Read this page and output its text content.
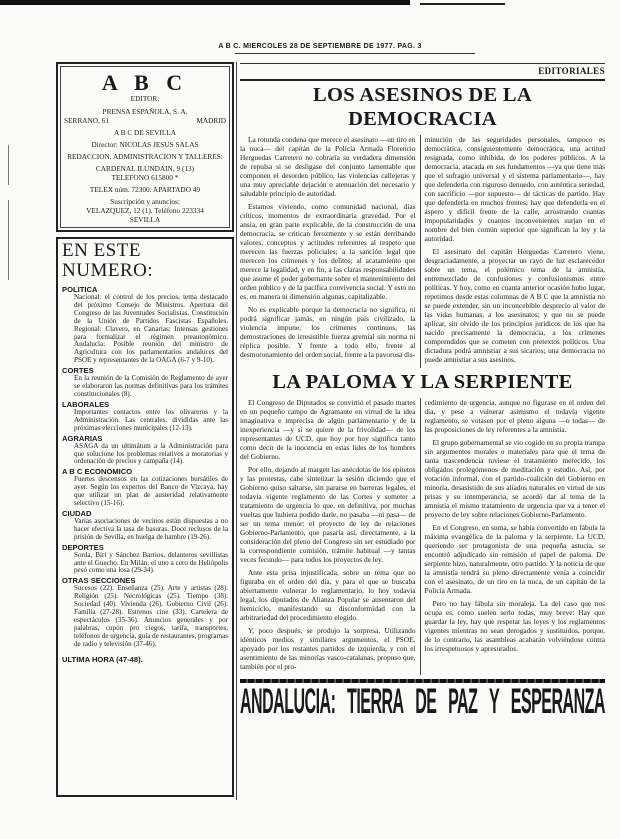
A B C. MIERCOLES 28 DE SEPTIEMBRE DE 1977. PAG. 3
A B C
EDITOR:
PRENSA ESPAÑOLA, S. A.
SERRANO, 61	MADRID
A B C DE SEVILLA
Director: NICOLAS JESUS SALAS
REDACCION, ADMINISTRACION Y TALLERES:
CARDENAL ILUNDAIN, 9 (13)
TELEFONO 615800 *
TELEX núm. 72300. APARTADO 49
Suscripción y anuncios:
VELAZQUEZ, 12 (1). Teléfono 223334
SEVILLA
EN ESTE NUMERO:
POLITICA
Nacional: el control de los precios, tema destacado del próximo Consejo de Ministros. Apertura del Congreso de las Juventudes Socialistas. Constitución de la Unión de Partidos Fascistas Españoles. Regional: Clavero, en Canarias: Intensas gestiones para formalizar el régimen preautonómico. Andalucía: Posible reunión del ministro de Agricultura con los parlamentarios andaluces del PSOE y representantes de la OAGA (6-7 y 9-10).
CORTES
En la reunión de la Comisión de Reglamento de ayer se elaboraron las normas definitivas para los trámites constitucionales (8).
LABORALES
Importantes contactos entre los olivareros y la Administración. Las centrales, divididas ante las próximas elecciones municipales (12-13).
AGRARIAS
ASAGA da un ultimátum a la Administración para que solucione los problemas relativos a moratorias y ordenación de precios y campaña (14).
A B C ECONOMICO
Fuertes descensos en las cotizaciones bursátiles de ayer. Según los expertos del Banco de Vizcaya, hay que utilizar un plan de austeridad relativamente selectivo (15-16).
CIUDAD
Varias asociaciones de vecinos están dispuestas a no hacer efectiva la tasa de basuras. Doce reclusos de la prisión de Sevilla, en huelga de hambre (19-26).
DEPORTES
Sorda, Biri y Sánchez Barrios, delanteros sevillistas ante el Guecho. En Milán, el uno a cero de Heliópolis pesó como una losa (29-34).
OTRAS SECCIONES
Sucesos (22). Enseñanza (25). Arte y artistas (28). Religión (25). Necrológicas (25). Tiempo (38). Sociedad (40). Vivienda (26). Gobierno Civil (26). Familia (27-28). Estrenos cine (33). Cartelera de espectáculos (35-36). Anuncios generales y por palabras, cupón pro ciegos, tarifa, transportes, teléfonos de urgencia, guía de restaurantes, programas de radio y televisión (37-46).
ULTIMA HORA (47-48).
EDITORIALES
LOS ASESINOS DE LA DEMOCRACIA

La rotunda condena que merece el asesinato —un tiro en la nuca— del capitán de la Policía Armada Florencio Herguedas Carretero no cobraría su verdadera dimensión de repulsa si se desligase del conjunto lamentable que componen el desorden público, las violencias callejeras y una muy apreciable dejación o atenuación del necesario y saludable principio de autoridad.

Estamos viviendo, como comunidad nacional, días críticos, momentos de extraordinaria gravedad. Por el ansia, en gran parte explicable, de la construcción de una democracia, se critican ferozmente y se están derribando valores, conceptos y actitudes referentes al respeto que merecen las fuerzas policiales; a la sanción legal que merecen los crímenes y los delitos; al acatamiento que merece la legalidad, y en fin, a las claras responsabilidades que asume el poder gobernante sobre el mantenimiento del orden público y de la pacífica convivencia social. Y esto no es, en manera ni dimensión algunas, capitalizable.

No es explicable porque la democracia no significa, ni podrá significar jamás, en ningún país civilizado, la violencia impune, los crímenes continuos, las demostraciones de irresistible fuerza gremial sin norma ni réplica posible. Y frente a todo ello, frente al desmoronamiento del orden social, frente a la pavorosa dis-

minución de las seguridades personales, tampoco es democrática, consiguientemente democrática, una actitud resignada, como inhibida, de los poderes públicos. A la democracia, atacada en sus fundamentos —ya que tiene más que el sufragio universal y el sistema parlamentario—, hay que defenderla con riguroso denuedo, con auténtica seriedad, con sacrificio —por supuesto— de tácticas de partido. Hay que defenderla en muchos frentes; hay que defenderla en el áspero y difícil frente de la calle, arrostrando cuantas impopularidades y cuantos inconvenientes surjan en el nombre del bien común superior que significan la ley y la autoridad.

El asesinato del capitán Herguedas Carretero viene, desgraciadamente, a proyectar un rayo de luz esclarecedor sobre un tema, el polémico tema de la amnistía, entremezclado de confusiones y confusionismos entre políticas. Y hoy, como en cuanta anterior ocasión hubo lugar, repetimos desde estas columnas de A B C que la amnistía no se puede extender, sin un inconcebible desprecio al valor de las vidas humanas, a los asesinatos; y que no se puede aplicar, sin olvido de los principios jurídicos de los que ha nacido precisamente la democracia, a los crímenes comprendidos que se cometen con pretextos políticos. Una dictadura podrá amnistiar a sus sicarios; una democracia no puede amnistiar a sus asesinos.

LA PALOMA Y LA SERPIENTE

El Congreso de Diputados se convirtió el pasado martes en un pequeño campo de Agramante en virtud de la idea imaginativa e imprecisa de algún parlamentario y de la inexperiencia —y si se quiere de la frivolidad— de los representantes de UCD, que hoy por hoy significa tanto como decir de la inocencia en estas lides de los hombres del Gobierno.

Por ello, dejando al margen las anécdotas de los epítetos y las protestas, cabe sintetizar la sesión diciendo que el Gobierno quiso saltarse, sin pararse en barreras legales, el todavía vigente reglamento de las Cortes y someter a tratamiento de urgencia lo que, en definitiva, por muchas vueltas que hubiera podido darle, no pasaba —ni pasa— de ser un tema menor: el proyecto de ley de relaciones Gobierno-Parlamento, que pasaría así, directamente, a la consideración del pleno del Congreso sin ser estudiado por la correspondiente comisión, trámite habitual —y tantas veces fecundo— para todos los proyectos de ley.

Ante esta prisa injustificada, sobre un tema que no figuraba en el orden del día, y para el que se buscaba abiertamente vulnerar lo reglamentario, lo hoy todavía legal, los diputados de Alianza Popular se ausentaron del hemiciclo, manifestando su disconformidad con la arbitrariedad del procedimiento elegido.

Y, poco después, se produjo la sorpresa. Utilizando idénticos medios y similares argumentos, el PSOE, apoyado por los restantes partidos de izquierda, y con el asentimiento de las minorías vasco-catalanas, propuso que, también por el pro-

cedimiento de urgencia, aunque no figurase en el orden del día, y pese a vulnerar asimismo el todavía vigente reglamento, se votasen por el pleno alguna —o todas— de las proposiciones de ley referentes a la amnistía.

El grupo gubernamental se vio cogido en su propia trampa sin argumentos morales o materiales para que el tema de tanta trascendencia tuviese el tratamiento merecido, los obligados prolegómenos de meditación y estudio. Así, por votación informal, con el partido-coalición del Gobierno en minoría, desasistido de sus aliados naturales en virtud de sus prisas y su intemperancia, se acordó dar al tema de la amnistía el mismo tratamiento de urgencia que va a tener el proyecto de ley sobre relaciones Gobierno-Parlamento.

En el Congreso, en suma, se había convertido en fábula la máxima evangélica de la paloma y la serpiente. La UCD, queriendo ser protagonista de una pequeña astucia, se encontró adjudicado sin remisión el papel de paloma. De serpiente hizo, naturalmente, otro partido. Y la noticia de que la amnistía tendrá su pleno directamente venía a coincidir con el asesinato, de un tiro en la nuca, de un capitán de la Policía Armada.

Pero no hay fábula sin moraleja. La del caso que nos ocupa es, como suelen serlo todas, muy breve: Hay que guardar la ley, hay que respetar las leyes y los reglamentos vigentes mientras no sean derogados y sustituidos, porque, de lo contrario, las asambleas acabarán volviéndose contra los irrespetuosos y apresurados.

ANDALUCIA: TIERRA DE PAZ Y ESPERANZA
